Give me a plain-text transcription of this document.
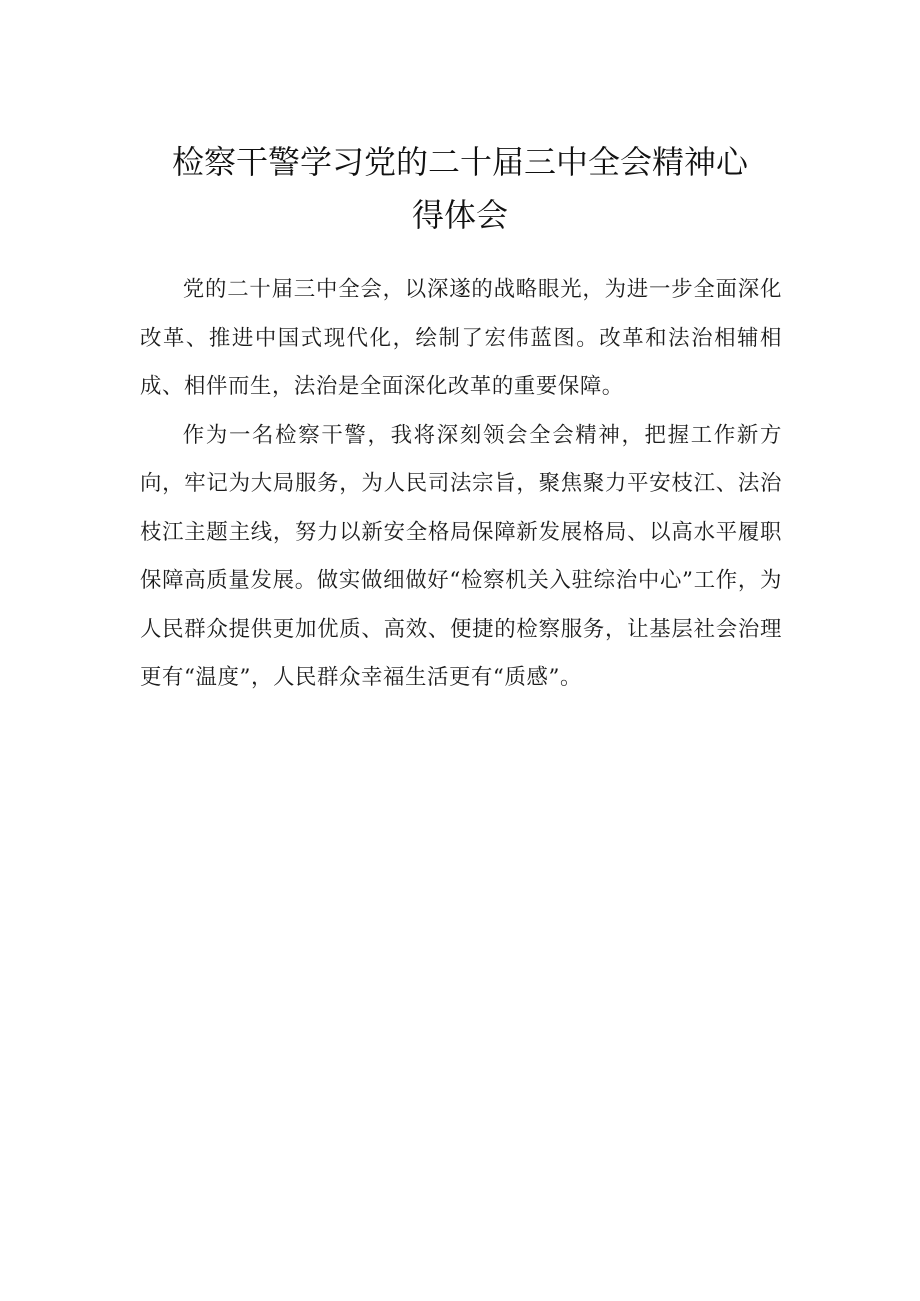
检察干警学习党的二十届三中全会精神心
得体会

党的二十届三中全会，以深遂的战略眼光，为进一步全面深化改革、推进中国式现代化，绘制了宏伟蓝图。改革和法治相辅相成、相伴而生，法治是全面深化改革的重要保障。

作为一名检察干警，我将深刻领会全会精神，把握工作新方向，牢记为大局服务，为人民司法宗旨，聚焦聚力平安枝江、法治枝江主题主线，努力以新安全格局保障新发展格局、以高水平履职保障高质量发展。做实做细做好“检察机关入驻综治中心”工作，为人民群众提供更加优质、高效、便捷的检察服务，让基层社会治理更有“温度”，人民群众幸福生活更有“质感”。
